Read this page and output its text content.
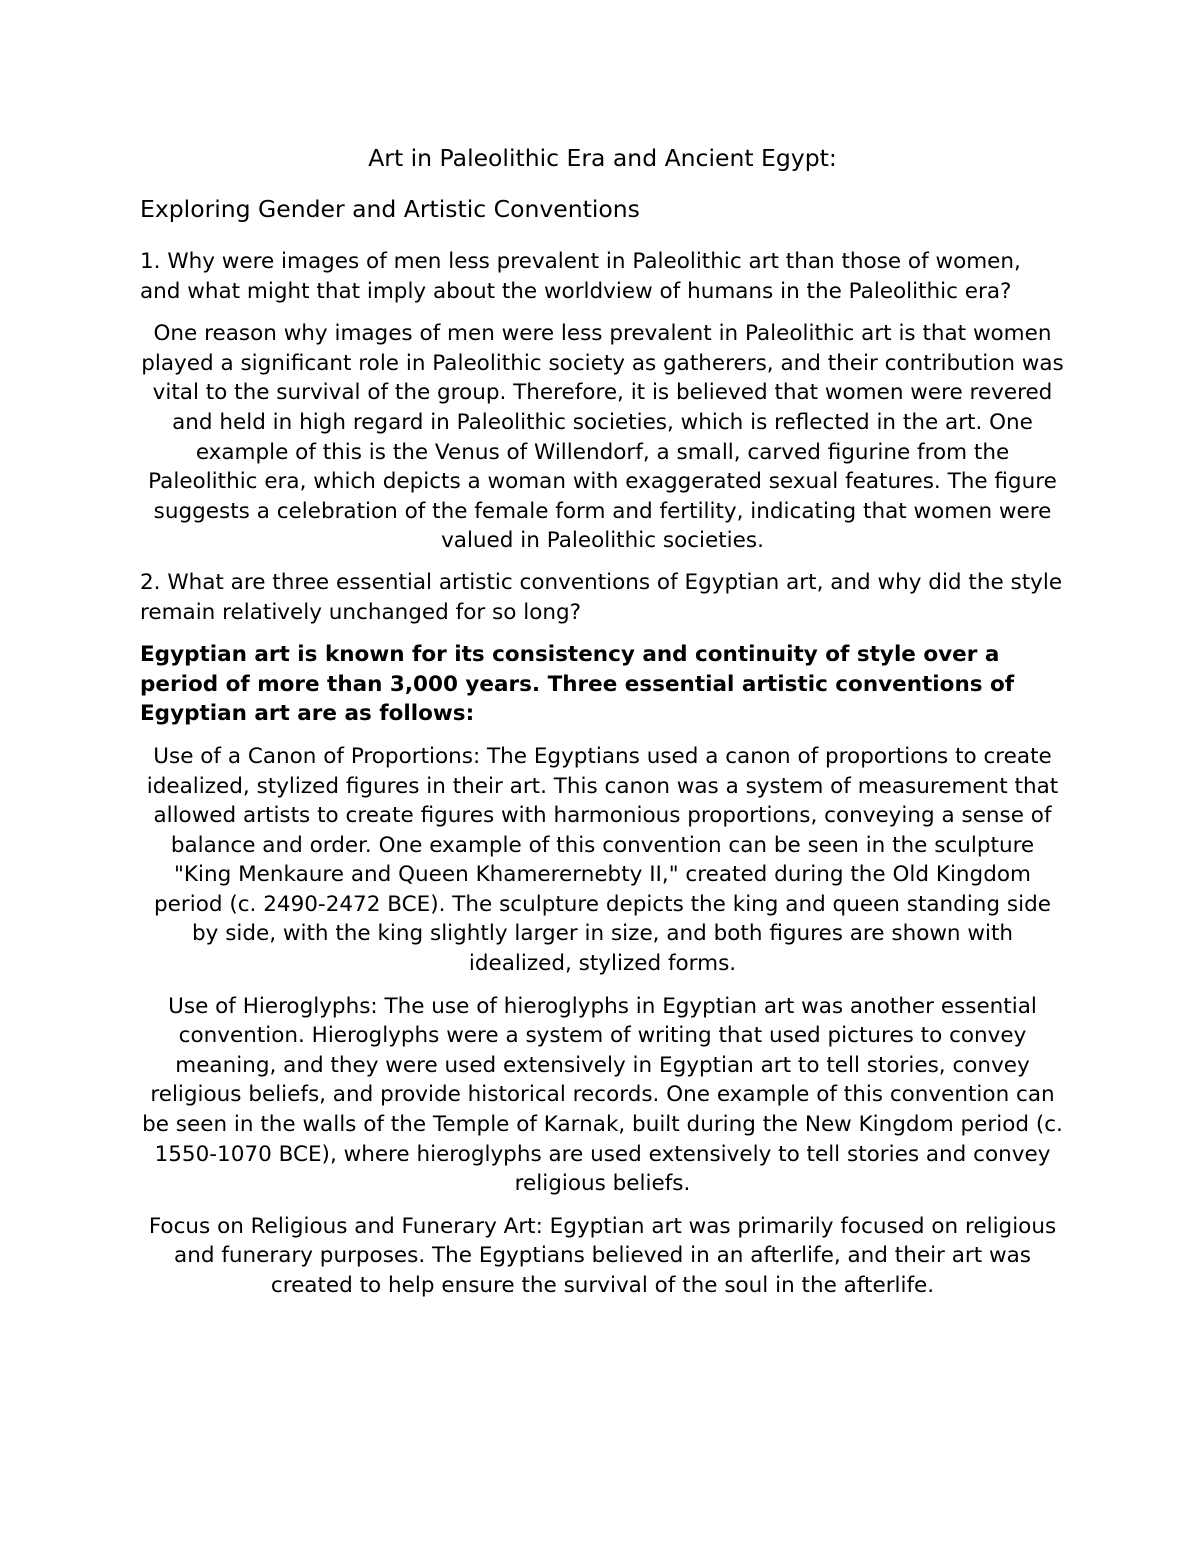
Art in Paleolithic Era and Ancient Egypt:
Exploring Gender and Artistic Conventions

1. Why were images of men less prevalent in Paleolithic art than those of women, and what might that imply about the worldview of humans in the Paleolithic era?

One reason why images of men were less prevalent in Paleolithic art is that women played a significant role in Paleolithic society as gatherers, and their contribution was vital to the survival of the group. Therefore, it is believed that women were revered and held in high regard in Paleolithic societies, which is reflected in the art. One example of this is the Venus of Willendorf, a small, carved figurine from the Paleolithic era, which depicts a woman with exaggerated sexual features. The figure suggests a celebration of the female form and fertility, indicating that women were valued in Paleolithic societies.

2. What are three essential artistic conventions of Egyptian art, and why did the style remain relatively unchanged for so long?

Egyptian art is known for its consistency and continuity of style over a period of more than 3,000 years. Three essential artistic conventions of Egyptian art are as follows:

Use of a Canon of Proportions: The Egyptians used a canon of proportions to create idealized, stylized figures in their art. This canon was a system of measurement that allowed artists to create figures with harmonious proportions, conveying a sense of balance and order. One example of this convention can be seen in the sculpture "King Menkaure and Queen Khamerernebty II," created during the Old Kingdom period (c. 2490-2472 BCE). The sculpture depicts the king and queen standing side by side, with the king slightly larger in size, and both figures are shown with idealized, stylized forms.

Use of Hieroglyphs: The use of hieroglyphs in Egyptian art was another essential convention. Hieroglyphs were a system of writing that used pictures to convey meaning, and they were used extensively in Egyptian art to tell stories, convey religious beliefs, and provide historical records. One example of this convention can be seen in the walls of the Temple of Karnak, built during the New Kingdom period (c. 1550-1070 BCE), where hieroglyphs are used extensively to tell stories and convey religious beliefs.

Focus on Religious and Funerary Art: Egyptian art was primarily focused on religious and funerary purposes. The Egyptians believed in an afterlife, and their art was created to help ensure the survival of the soul in the afterlife.
